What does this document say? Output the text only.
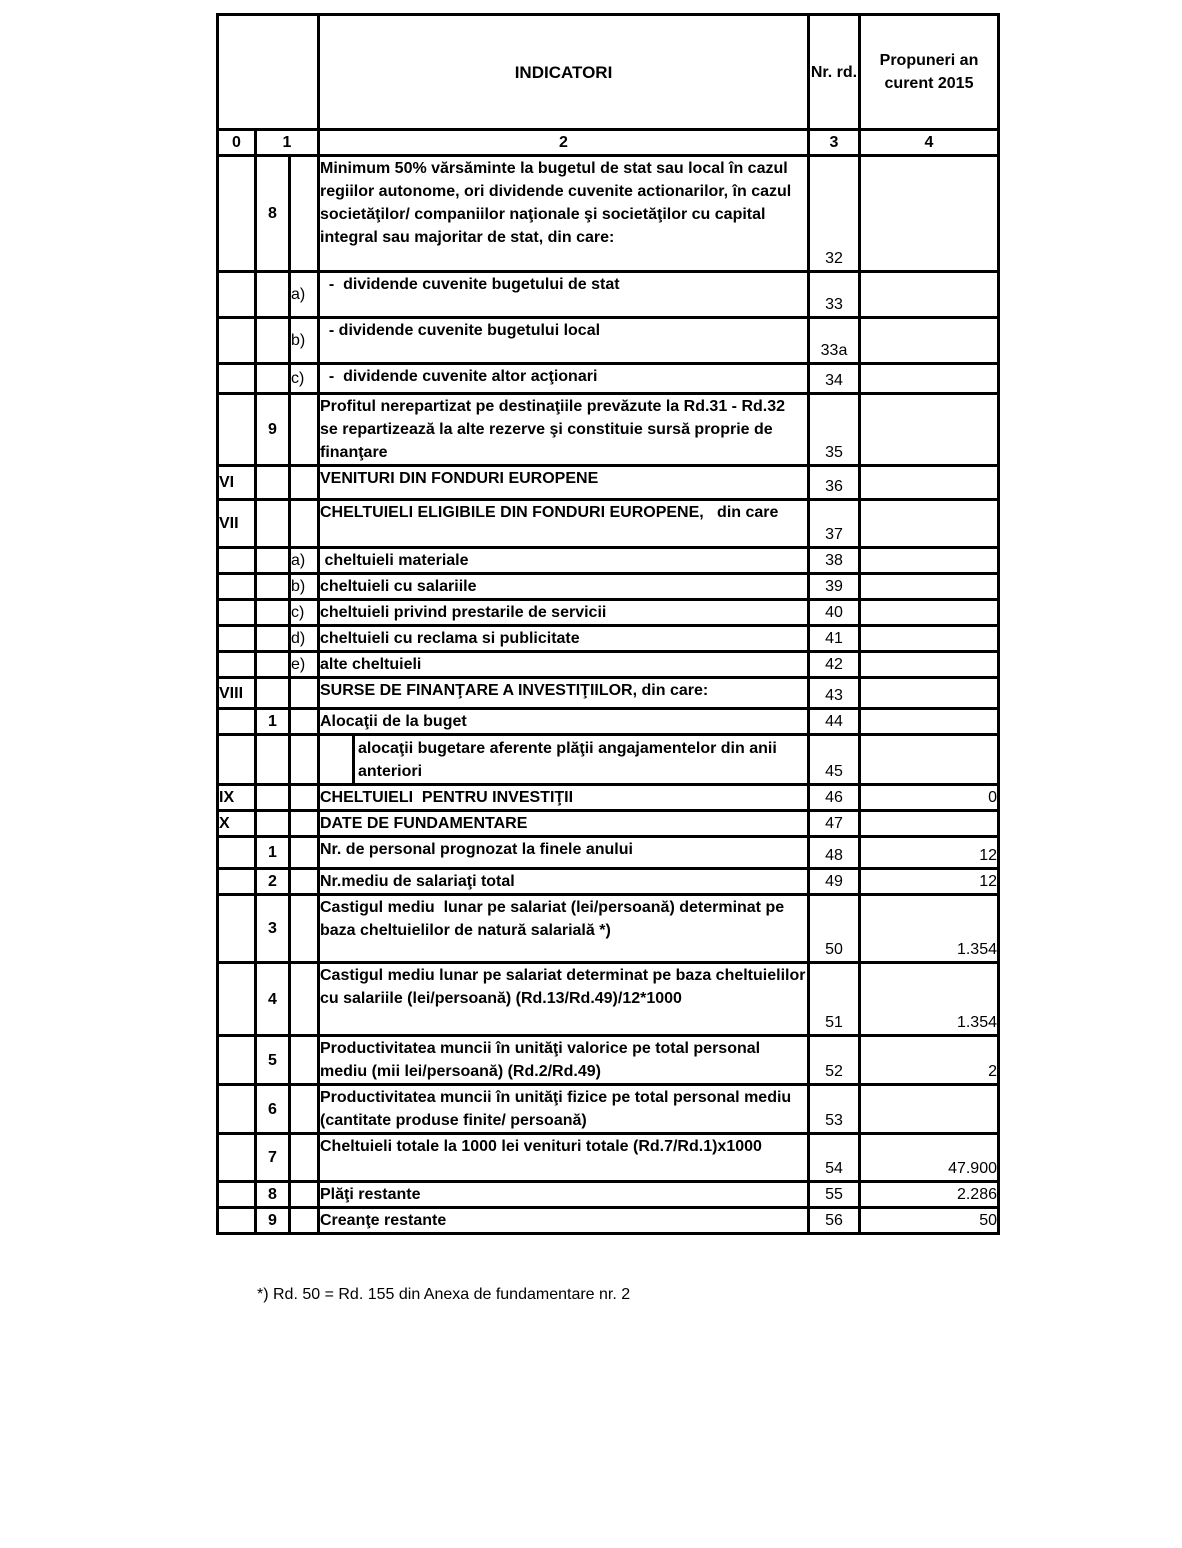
			INDICATORI	Nr. rd.	Propuneri an curent 2015
0	1		2	3	4
	8		Minimum 50% vărsăminte la bugetul de stat sau local în cazul regiilor autonome, ori dividende cuvenite actionarilor, în cazul societăţilor/ companiilor naţionale şi societăţilor cu capital integral sau majoritar de stat, din care:	32	
		a)	-  dividende cuvenite bugetului de stat	33	
		b)	- dividende cuvenite bugetului local	33a	
		c)	-  dividende cuvenite altor acţionari	34	
	9		Profitul nerepartizat pe destinaţiile prevăzute la Rd.31 - Rd.32 se repartizează la alte rezerve şi constituie sursă proprie de finanţare	35	
VI			VENITURI DIN FONDURI EUROPENE	36	
VII			CHELTUIELI ELIGIBILE DIN FONDURI EUROPENE,   din care	37	
		a)	cheltuieli materiale	38	
		b)	cheltuieli cu salariile	39	
		c)	cheltuieli privind prestarile de servicii	40	
		d)	cheltuieli cu reclama si publicitate	41	
		e)	alte cheltuieli	42	
VIII			SURSE DE FINANŢARE A INVESTIŢIILOR, din care:	43	
	1		Alocaţii de la buget	44	

			alocaţii bugetare aferente plăţii angajamentelor din anii anteriori	45	
IX			CHELTUIELI  PENTRU INVESTIŢII	46	0
X			DATE DE FUNDAMENTARE	47	
	1		Nr. de personal prognozat la finele anului	48	12
	2		Nr.mediu de salariaţi total	49	12
	3		Castigul mediu  lunar pe salariat (lei/persoană) determinat pe baza cheltuielilor de natură salarială *)	50	1.354
	4		Castigul mediu lunar pe salariat determinat pe baza cheltuielilor cu salariile (lei/persoană) (Rd.13/Rd.49)/12*1000	51	1.354
	5		Productivitatea muncii în unităţi valorice pe total personal mediu (mii lei/persoană) (Rd.2/Rd.49)	52	2
	6		Productivitatea muncii în unităţi fizice pe total personal mediu (cantitate produse finite/ persoană)	53	
	7		Cheltuieli totale la 1000 lei venituri totale (Rd.7/Rd.1)x1000	54	47.900
	8		Plăţi restante	55	2.286
	9		Creanţe restante	56	50
*) Rd. 50 = Rd. 155 din Anexa de fundamentare nr. 2
